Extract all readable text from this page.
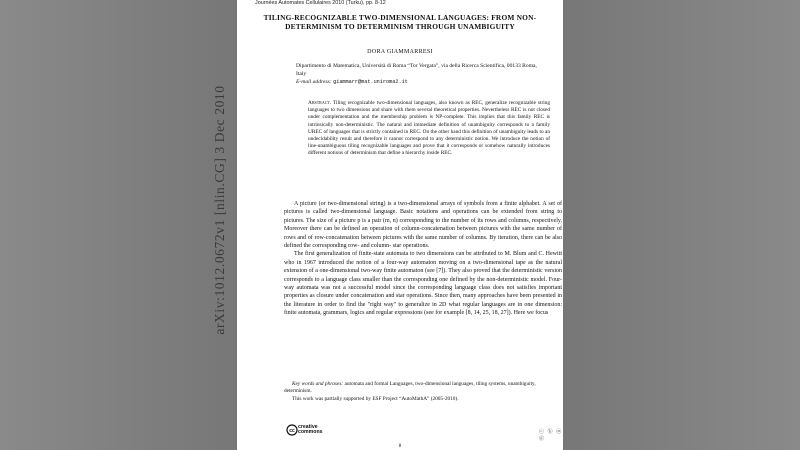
arXiv:1012.0672v1 [nlin.CG] 3 Dec 2010
Journées Automates Cellulaires 2010 (Turku), pp. 8-12
TILING-RECOGNIZABLE TWO-DIMENSIONAL LANGUAGES: FROM NON-DETERMINISM TO DETERMINISM THROUGH UNAMBIGUITY
DORA GIAMMARRESI
Dipartimento di Matematica, Università di Roma “Tor Vergata”, via della Ricerca Scientifica, 00133 Roma, Italy
E-mail address: giammarr@mat.uniroma2.it
Abstract. Tiling recognizable two-dimensional languages, also known as REC, generalize recognizable string languages to two dimensions and share with them several theoretical properties. Nevertheless REC is not closed under complementation and the membership problem is NP-complete. This implies that this family REC is intrinsically non-deterministic. The natural and immediate definition of unambiguity corresponds to a family UREC of languages that is strictly contained in REC. On the other hand this definition of unambiguity leads to an undecidability result and therefore it cannot correspond to any deterministic notion. We introduce the notion of line-unambiguous tiling recognizable languages and prove that it corresponds or somehow naturally introduces different notions of determinism that define a hierarchy inside REC.

A picture (or two-dimensional string) is a two-dimensional arrays of symbols from a finite alphabet. A set of pictures is called two-dimensional language. Basic notations and operations can be extended from string to pictures. The size of a picture p is a pair (m, n) corresponding to the number of its rows and columns, respectively. Moreover there can be defined an operation of column-concatenation between pictures with the same number of rows and of row-concatenation between pictures with the same number of columns. By iteration, there can be also defined the corresponding row- and column- star operations.

The first generalization of finite-state automata to two dimensions can be attributed to M. Blum and C. Hewitt who in 1967 introduced the notion of a four-way automaton moving on a two-dimensional tape as the natural extension of a one-dimensional two-way finite automaton (see [7]). They also proved that the deterministic version corresponds to a language class smaller than the corresponding one defined by the non-deterministic model. Four-way automata was not a successful model since the corresponding language class does not satisfies important properties as closure under concatenation and star operations. Since then, many approaches have been presented in the literature in order to find the "right way" to generalize in 2D what regular languages are in one dimension: finite automata, grammars, logics and regular expressions (see for example [8, 14, 25, 18, 27]). Here we focus

Key words and phrases: automata and formal Languages, two-dimensional languages, tiling systems, unambiguity, determinism.
This work was partially supported by ESF Project “AutoMathA” (2005-2010).
cc
creative
commons	ⓒ ⓑ ⓝ ⓓ
8
